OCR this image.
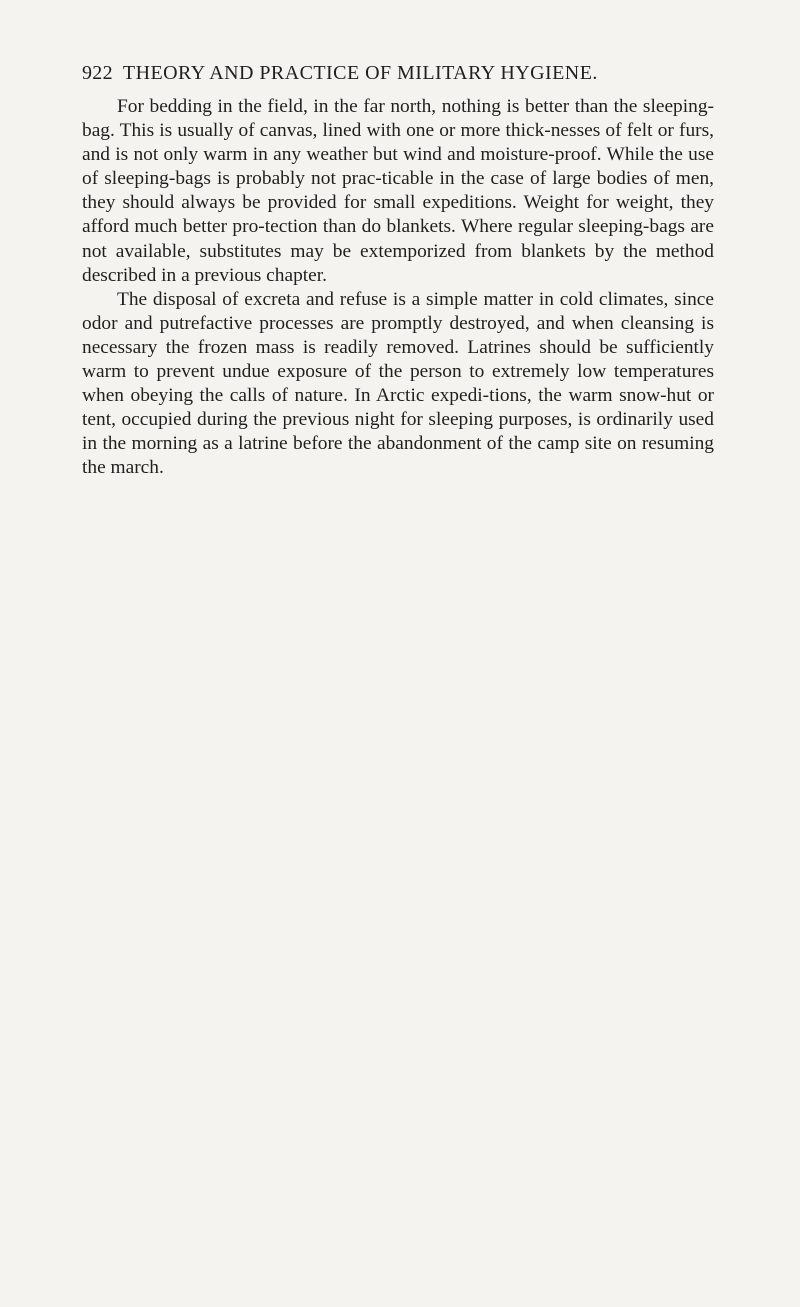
922 THEORY AND PRACTICE OF MILITARY HYGIENE.

For bedding in the field, in the far north, nothing is better than the sleeping-bag. This is usually of canvas, lined with one or more thick-nesses of felt or furs, and is not only warm in any weather but wind and moisture-proof. While the use of sleeping-bags is probably not prac-ticable in the case of large bodies of men, they should always be provided for small expeditions. Weight for weight, they afford much better pro-tection than do blankets. Where regular sleeping-bags are not available, substitutes may be extemporized from blankets by the method described in a previous chapter.

The disposal of excreta and refuse is a simple matter in cold climates, since odor and putrefactive processes are promptly destroyed, and when cleansing is necessary the frozen mass is readily removed. Latrines should be sufficiently warm to prevent undue exposure of the person to extremely low temperatures when obeying the calls of nature. In Arctic expedi-tions, the warm snow-hut or tent, occupied during the previous night for sleeping purposes, is ordinarily used in the morning as a latrine before the abandonment of the camp site on resuming the march.
